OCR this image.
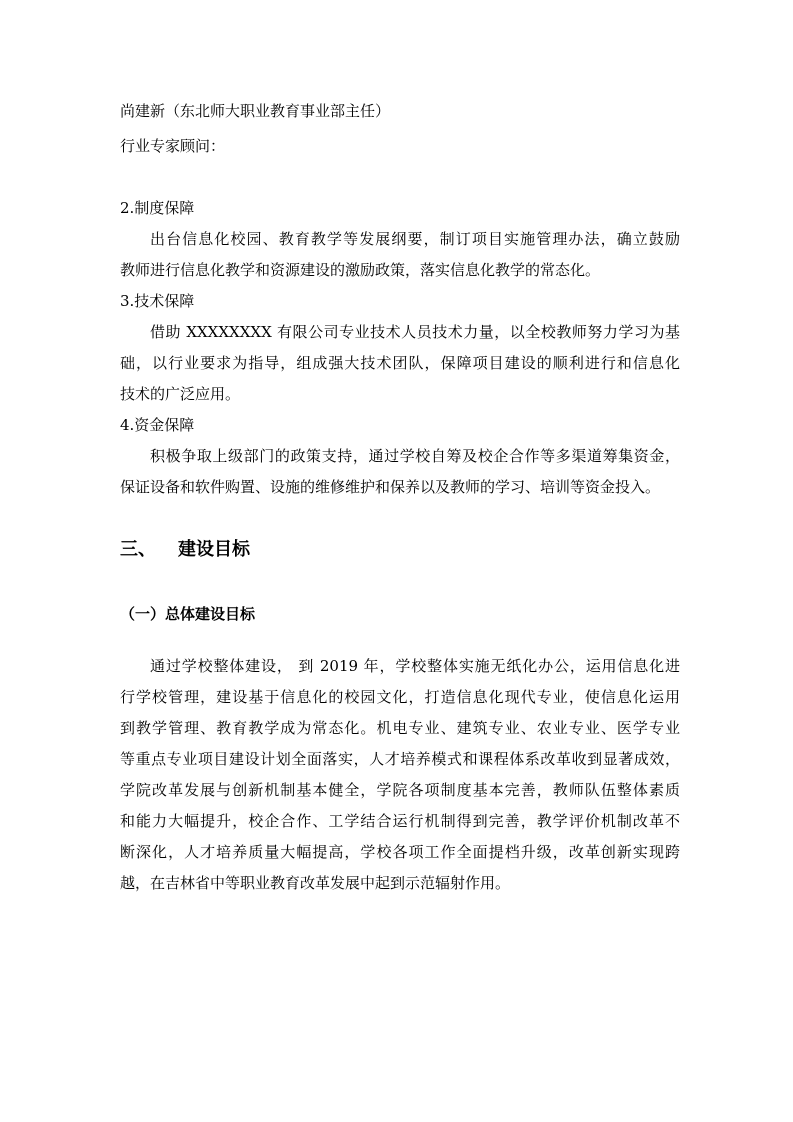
尚建新（东北师大职业教育事业部主任）
行业专家顾问：
2.制度保障
出台信息化校园、教育教学等发展纲要，制订项目实施管理办法，确立鼓励
教师进行信息化教学和资源建设的激励政策，落实信息化教学的常态化。
3.技术保障
借助 XXXXXXXX 有限公司专业技术人员技术力量，以全校教师努力学习为基
础，以行业要求为指导，组成强大技术团队，保障项目建设的顺利进行和信息化
技术的广泛应用。
4.资金保障
积极争取上级部门的政策支持，通过学校自筹及校企合作等多渠道筹集资金，
保证设备和软件购置、设施的维修维护和保养以及教师的学习、培训等资金投入。
三、 建设目标
（一）总体建设目标
通过学校整体建设， 到 2019 年，学校整体实施无纸化办公，运用信息化进
行学校管理，建设基于信息化的校园文化，打造信息化现代专业，使信息化运用
到教学管理、教育教学成为常态化。机电专业、建筑专业、农业专业、医学专业
等重点专业项目建设计划全面落实，人才培养模式和课程体系改革收到显著成效，
学院改革发展与创新机制基本健全，学院各项制度基本完善，教师队伍整体素质
和能力大幅提升，校企合作、工学结合运行机制得到完善，教学评价机制改革不
断深化，人才培养质量大幅提高，学校各项工作全面提档升级，改革创新实现跨
越，在吉林省中等职业教育改革发展中起到示范辐射作用。
